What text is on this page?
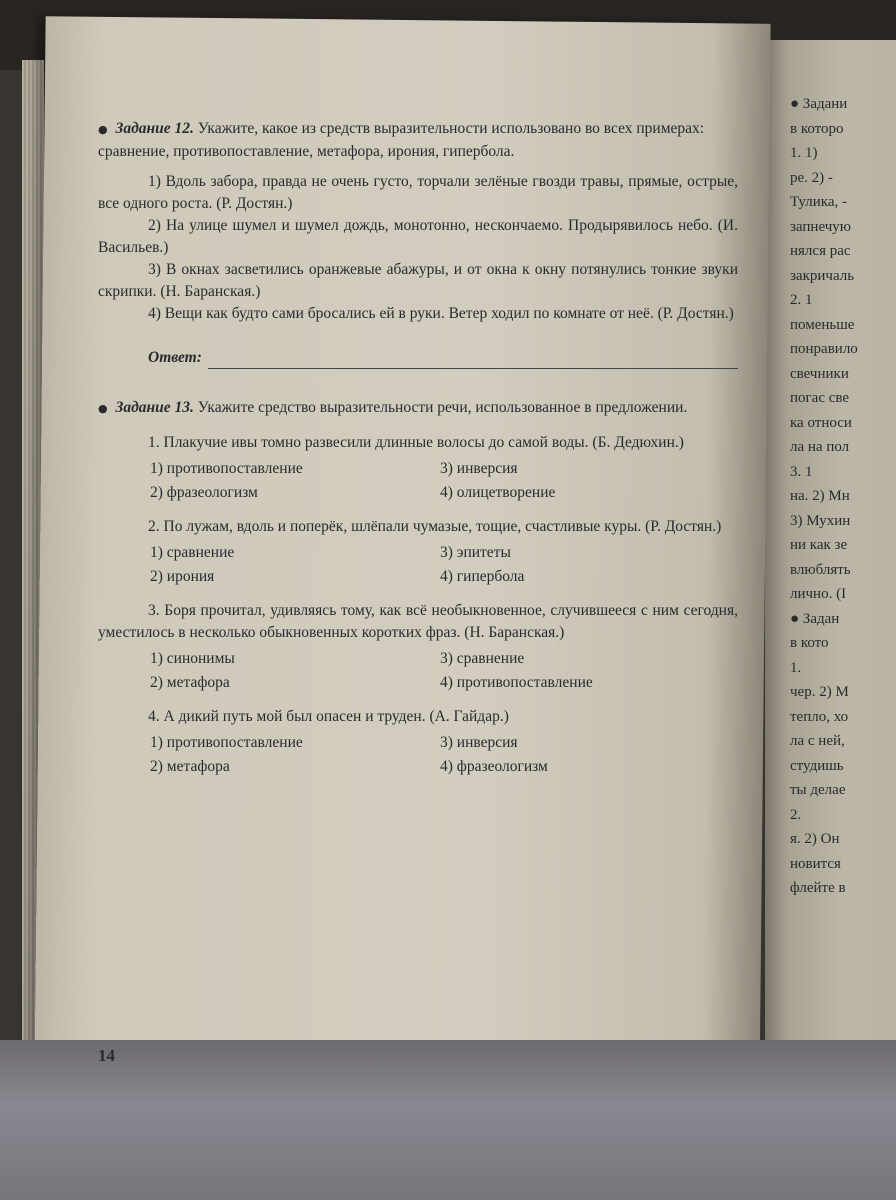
● Задание 12. Укажите, какое из средств выразительности использовано во всех примерах: сравнение, противопоставление, метафора, ирония, гипербола.

1) Вдоль забора, правда не очень густо, торчали зелёные гвозди травы, прямые, острые, все одного роста. (Р. Достян.)

2) На улице шумел и шумел дождь, монотонно, нескончаемо. Продырявилось небо. (И. Васильев.)

3) В окнах засветились оранжевые абажуры, и от окна к окну потянулись тонкие звуки скрипки. (Н. Баранская.)

4) Вещи как будто сами бросались ей в руки. Ветер ходил по комнате от неё. (Р. Достян.)

Ответ:

● Задание 13. Укажите средство выразительности речи, использованное в предложении.

1. Плакучие ивы томно развесили длинные волосы до самой воды. (Б. Дедюхин.)

1) противопоставление	3) инверсия
2) фразеологизм	4) олицетворение

2. По лужам, вдоль и поперёк, шлёпали чумазые, тощие, счастливые куры. (Р. Достян.)

1) сравнение	3) эпитеты
2) ирония	4) гипербола

3. Боря прочитал, удивляясь тому, как всё необыкновенное, случившееся с ним сегодня, уместилось в несколько обыкновенных коротких фраз. (Н. Баранская.)

1) синонимы	3) сравнение
2) метафора	4) противопоставление

4. А дикий путь мой был опасен и труден. (А. Гайдар.)

1) противопоставление	3) инверсия
2) метафора	4) фразеологизм
14
● Задани
в которо
1. 1)
ре. 2) -
Тулика, -
запнечую
нялся рас
закричаль
2. 1
поменьше
понравило
свечники
погас све
ка относи
ла на пол
3. 1
на. 2) Мн
3) Мухин
ни как зе
влюблять
лично. (І
● Задан
в кото
1.
чер. 2) М
тепло, хо
ла с ней,
студишь
ты делае
2.
я. 2) Он
новится
флейте в
